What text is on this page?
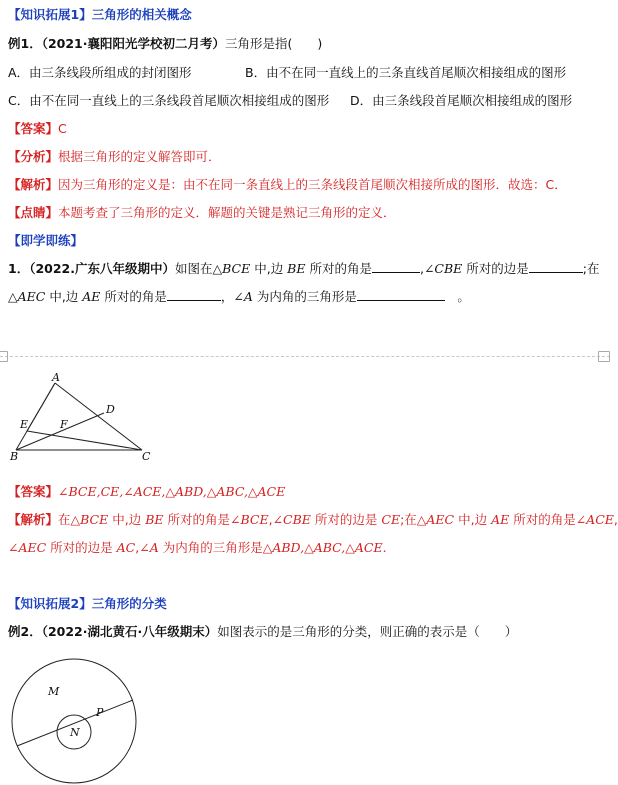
【知识拓展1】三角形的相关概念
例1．（2021·襄阳阳光学校初二月考）三角形是指(　　)
A．由三条线段所组成的封闭图形	B．由不在同一直线上的三条直线首尾顺次相接组成的图形
C．由不在同一直线上的三条线段首尾顺次相接组成的图形 D．由三条线段首尾顺次相接组成的图形
【答案】C
【分析】根据三角形的定义解答即可．
【解析】因为三角形的定义是：由不在同一条直线上的三条线段首尾顺次相接所成的图形．故选：C．
【点睛】本题考查了三角形的定义．解题的关键是熟记三角形的定义．
【即学即练】
1．（2022.广东八年级期中）如图在△BCE 中,边 BE 所对的角是	,∠CBE 所对的边是	;在
△AEC 中,边 AE 所对的角是	，∠A 为内角的三角形是	　。
A
B	C
D
E	F
【答案】∠BCE,CE,∠ACE,△ABD,△ABC,△ACE
【解析】在△BCE 中,边 BE 所对的角是∠BCE,∠CBE 所对的边是 CE;在△AEC 中,边 AE 所对的角是∠ACE,
∠AEC 所对的边是 AC,∠A 为内角的三角形是△ABD,△ABC,△ACE.
【知识拓展2】三角形的分类
例2．（2022·湖北黄石·八年级期末）如图表示的是三角形的分类，则正确的表示是（　　）
M
N
P
